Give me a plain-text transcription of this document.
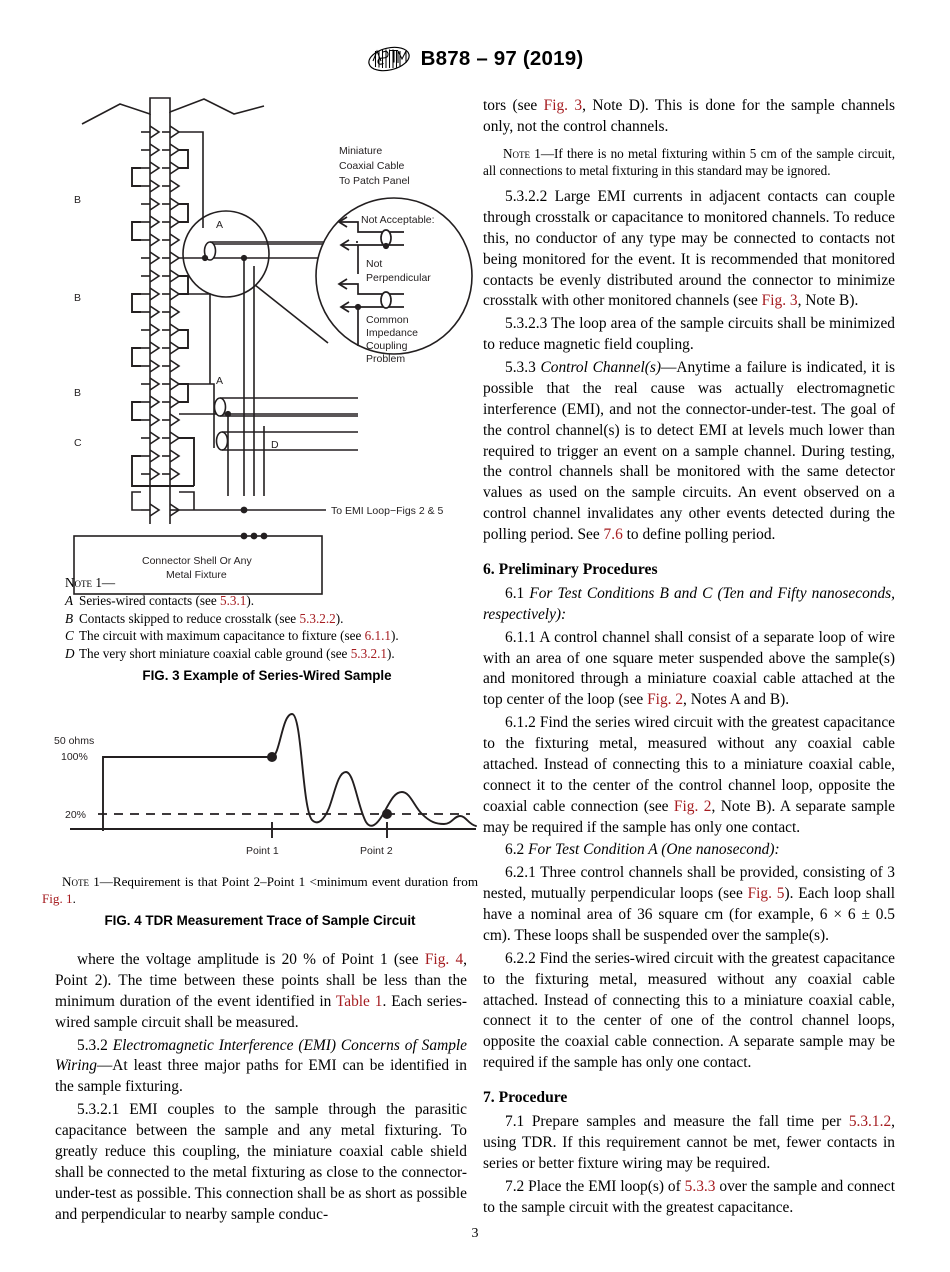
B878 – 97 (2019)
Miniature
Coaxial Cable
To Patch Panel
Not Acceptable:
Not
Perpendicular
Common
Impedance
Coupling
Problem
To EMI Loop−Figs 2 & 5
Connector Shell Or Any
Metal Fixture
A
A
B
B
B
C	D
Note 1—
A Series-wired contacts (see 5.3.1).
B Contacts skipped to reduce crosstalk (see 5.3.2.2).
C The circuit with maximum capacitance to fixture (see 6.1.1).
D The very short miniature coaxial cable ground (see 5.3.2.1).
FIG. 3 Example of Series-Wired Sample
50 ohms
100%
20%
Point 1	Point 2
Note 1—Requirement is that Point 2–Point 1 <minimum event duration from Fig. 1.
FIG. 4 TDR Measurement Trace of Sample Circuit

where the voltage amplitude is 20 % of Point 1 (see Fig. 4, Point 2). The time between these points shall be less than the minimum duration of the event identified in Table 1. Each series-wired sample circuit shall be measured.

5.3.2 Electromagnetic Interference (EMI) Concerns of Sample Wiring—At least three major paths for EMI can be identified in the sample fixturing.

5.3.2.1 EMI couples to the sample through the parasitic capacitance between the sample and any metal fixturing. To greatly reduce this coupling, the miniature coaxial cable shield shall be connected to the metal fixturing as close to the connector-under-test as possible. This connection shall be as short as possible and perpendicular to nearby sample conduc-

tors (see Fig. 3, Note D). This is done for the sample channels only, not the control channels.

Note 1—If there is no metal fixturing within 5 cm of the sample circuit, all connections to metal fixturing in this standard may be ignored.

5.3.2.2 Large EMI currents in adjacent contacts can couple through crosstalk or capacitance to monitored channels. To reduce this, no conductor of any type may be connected to contacts not being monitored for the event. It is recommended that monitored contacts be evenly distributed around the connector to minimize crosstalk with other monitored channels (see Fig. 3, Note B).

5.3.2.3 The loop area of the sample circuits shall be minimized to reduce magnetic field coupling.

5.3.3 Control Channel(s)—Anytime a failure is indicated, it is possible that the real cause was actually electromagnetic interference (EMI), and not the connector-under-test. The goal of the control channel(s) is to detect EMI at levels much lower than required to trigger an event on a sample channel. During testing, the control channels shall be monitored with the same detector values as used on the sample circuits. An event observed on a control channel invalidates any other events detected during the polling period. See 7.6 to define polling period.

6. Preliminary Procedures

6.1 For Test Conditions B and C (Ten and Fifty nanoseconds, respectively):

6.1.1 A control channel shall consist of a separate loop of wire with an area of one square meter suspended above the sample(s) and monitored through a miniature coaxial cable attached at the top center of the loop (see Fig. 2, Notes A and B).

6.1.2 Find the series wired circuit with the greatest capacitance to the fixturing metal, measured without any coaxial cable attached. Instead of connecting this to a miniature coaxial cable, connect it to the center of the control channel loop, opposite the coaxial cable connection (see Fig. 2, Note B). A separate sample may be required if the sample has only one contact.

6.2 For Test Condition A (One nanosecond):

6.2.1 Three control channels shall be provided, consisting of 3 nested, mutually perpendicular loops (see Fig. 5). Each loop shall have a nominal area of 36 square cm (for example, 6 × 6 ± 0.5 cm). These loops shall be suspended over the sample(s).

6.2.2 Find the series-wired circuit with the greatest capacitance to the fixturing metal, measured without any coaxial cable attached. Instead of connecting this to a miniature coaxial cable, connect it to the center of one of the control channel loops, opposite the coaxial cable connection. A separate sample may be required if the sample has only one contact.

7. Procedure

7.1 Prepare samples and measure the fall time per 5.3.1.2, using TDR. If this requirement cannot be met, fewer contacts in series or better fixture wiring may be required.

7.2 Place the EMI loop(s) of 5.3.3 over the sample and connect to the sample circuit with the greatest capacitance.

3
